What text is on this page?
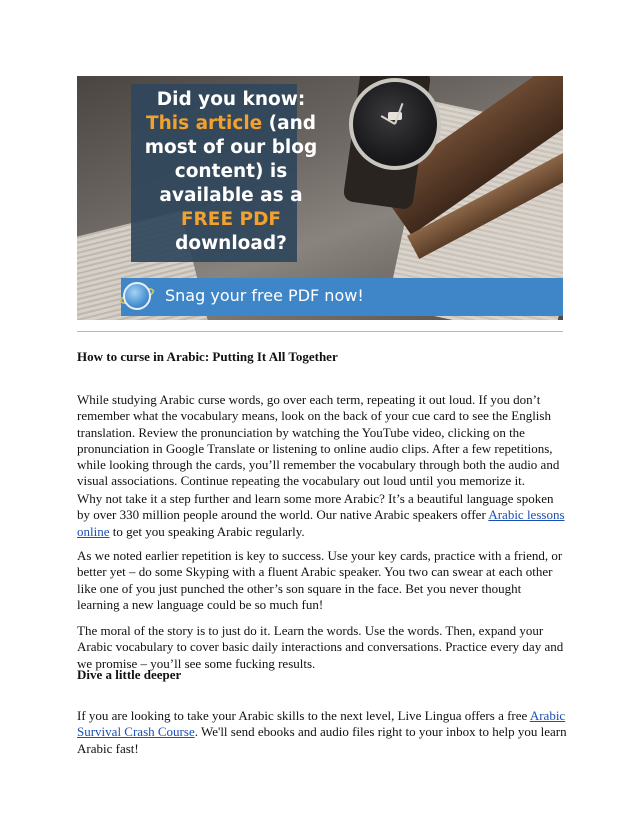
Did you know:
This article (and
most of our blog
content) is
available as a
FREE PDF
download?
Snag your free PDF now!
How to curse in Arabic: Putting It All Together

While studying Arabic curse words, go over each term, repeating it out loud. If you don’t remember what the vocabulary means, look on the back of your cue card to see the English translation. Review the pronunciation by watching the YouTube video, clicking on the pronunciation in Google Translate or listening to online audio clips. After a few repetitions, while looking through the cards, you’ll remember the vocabulary through both the audio and visual associations. Continue repeating the vocabulary out loud until you memorize it.

Why not take it a step further and learn some more Arabic? It’s a beautiful language spoken by over 330 million people around the world. Our native Arabic speakers offer Arabic lessons online to get you speaking Arabic regularly.

As we noted earlier repetition is key to success. Use your key cards, practice with a friend, or better yet – do some Skyping with a fluent Arabic speaker. You two can swear at each other like one of you just punched the other’s son square in the face. Bet you never thought learning a new language could be so much fun!

The moral of the story is to just do it. Learn the words. Use the words. Then, expand your Arabic vocabulary to cover basic daily interactions and conversations. Practice every day and we promise – you’ll see some fucking results.

Dive a little deeper

If you are looking to take your Arabic skills to the next level, Live Lingua offers a free Arabic Survival Crash Course. We'll send ebooks and audio files right to your inbox to help you learn Arabic fast!
